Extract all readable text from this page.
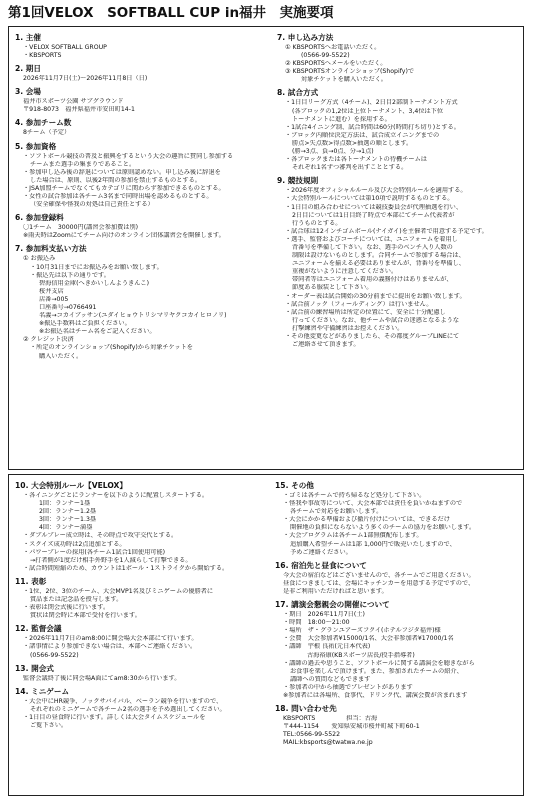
第1回VELOX　SOFTBALL CUP in福井　実施要項
1. 主催
・VELOX SOFTBALL GROUP
・KBSPORTS
2. 期日
2026年11月7日(土)〜2026年11月8日（日)
3. 会場
福井市スポーツ公園 サブグラウンド
〒918-8073　福井県福井市安田町14-1
4. 参加チーム数
8チーム（予定）
5. 参加資格
・ソフトボール競技の普及と振興をするという大会の趣旨に賛同し参加する
チームまた選手の集まりであること。
・参加申し込み後の辞退については原則認めない。申し込み後に辞退を
した場合は、原則、以後2年間の参加を禁止するものとする。
・JSA加盟チームでなくてもカテゴリに関わらず参加できるものとする。
・女性の試合参加は各チーム3名まで同時出場を認めるものとする。
（安全確保や怪我の対処は自己責任とする）
6. 参加登録料
〇1チーム　30000円(講習会参加費は別)
※雨天時はZoomにてチーム向けのオンライン団体講習会を開催します。
7. 参加料支払い方法
① お振込み
・10月31日までにお振込みをお願い致します。
・振込先は以下の通りです。
碧海信用金庫(へきかいしんようきんこ)
桜井支店
店番→005
口座番号→0766491
名義→コカイブッサン(ユダイヒョウトリシマリヤクコカイヒロノリ)
※振込手数料はご負担ください。
※お振込名はチーム名をご記入ください。
② クレジット決済
・所定のオンラインショップ(Shopify)から対象チケットを
購入いただく。
7. 申し込み方法
① KBSPORTSへお電話いただく。
(0566-99-5522)
② KBSPORTSへメールをいただく。
③ KBSPORTSオンラインショップ(Shopify)で
対象チケットを購入いただく。
8. 試合方式
・1日目リーグ方式（4チーム)、2日目2部制トーナメント方式
(各ブロックの1,2位は上位トーナメント、3,4位は下位
トーナメントに進む）を採用する。
・1試合4イニング制、試合時間は60分(時間打ち切り)とする。
・ブロック内順位決定方法は、試合成立イニングまでの
勝点>失点数>得点数>抽選の順とします。
(勝→3点、負→0点、分→1点)
・各ブロックまたは各トーナメントの待機チームは
それぞれ1名ずつ審判を出すこととする。
9. 競技規則
・2026年度オフィシャルルール及び大会特別ルールを適用する。
・大会特別ルールについては第10項で説明するものとする。
・1日目の組み合わせについては競技委員会が代理抽選を行い、
2日目については1日目終了時点で本部にてチーム代表者が
行うものとする。
・試合球は12インチゴムボール(ナイガイ)を主催者で用意する予定です。
・選手、監督およびコーチについては、ユニフォームを着用し
背番号を準備して下さい。なお、選手のベンチ入り人数の
制限は設けないものとします。合同チームで参加する場合は、
ユニフォームを揃える必要はありませんが、背番号を準備し、
重複がないように注意してください。
帯同者等はユニフォーム着用の義務付けはありませんが、
節度ある服装として下さい。
・オーダー表は試合開始の30分前までに提出をお願い致します。
・試合前ノック（フィールディング）は行いません。
・試合前の練習場所は所定の位置にて、安全に十分配慮し
行ってください。なお、他チームや試合の迷惑となるような
打撃練習や守備練習はお控えください。
・その他変更などがありましたら、その都度グループLINEにて
ご連絡させて頂きます。
10. 大会特別ルール【VELOX】
・各イニングごとにランナーを以下のように配置しスタートする。
1回：ランナー1塁
2回：ランナー1.2塁
3回：ランナー1.3塁
4回：ランナー満塁
・ダブルプレー成立時は、その時点で攻守交代とする。
・スクイズ成功時は2点追加とする。
・パワープレーの採用(各チーム1試合1回使用可能)
→打者側が1度だけ相手外野手を1人減らして打撃できる。
・試合時間短縮のため、カウントは1ボール・1ストライクから開始する。
11. 表彰
・1位、2位、3位のチーム、大会MVP1名及びミニゲームの優勝者に
賞品または記念品を授与します。
・表彰は閉会式後に行います。
賞状は閉会時に本部で受付を行います。
12. 監督会議
・2026年11月7日のam8:00に開会場大会本部にて行います。
・諸事情により参加できない場合は、本部へご連絡ください。
(0566-99-5522)
13. 開会式
監督会議終了後に同会場A面にてam8:30から行います。
14. ミニゲーム
・大会中にHR競争、ノックサバイバル、ベーラン競争を行いますので、
それぞれのミニゲームで各チーム2名の選手を予め選出してください。
・1日目の昼食時に行います。詳しくは大会タイムスケジュールを
ご覧下さい。
15. その他
・ゴミは各チームで持ち帰るなど処分して下さい。
・怪我や事故等について、大会本部では責任を負いかねますので
各チームで対応をお願いします。
・大会にかかる準備および撤片付けについては、できるだけ
開催地の負担にならないよう多くのチームの協力をお願いします。
・大会プログラムは各チーム1部無償配布します。
追加購入希望チームは1部 1,000円で販売いたしますので、
予めご連絡ください。
16. 宿泊先と昼食について
今大会の宿泊などはございませんので、各チームでご用意ください。
昼食につきましては、会場にキッチンカーを用意する予定ですので、
是非ご利用いただければと思います。
17. 講演会懇親会の開催について
・期日　2026年11月7日(土)
・時間　18:00〜21:00
・場所　ザ・グランユアーズフクイ(ホテルフジタ福井)様
・会費　大会参加者¥15000/1名、大会非参加者¥17000/1名
・講師　宇根 良祐(元日本代表)
古海裕康(KBスポーツ店長/投手指導者)
・講師の過去や思うこと、ソフトボールに関する講演会を聴きながら
お食事を楽しんで頂けます。また、参加されたチームの紹介、
講師への質問などもできます
・参加者の中から抽選でプレゼントがあります
※参加者には各場所、食事代、ドリンク代、講演会費が含まれます
18. 問い合わせ先
KBSPORTS　　　　　担当：古海
〒444-1154　　愛知県安城市桜井町城下町60-1
TEL:0566-99-5522
MAIL:kbsports@twatwa.ne.jp
